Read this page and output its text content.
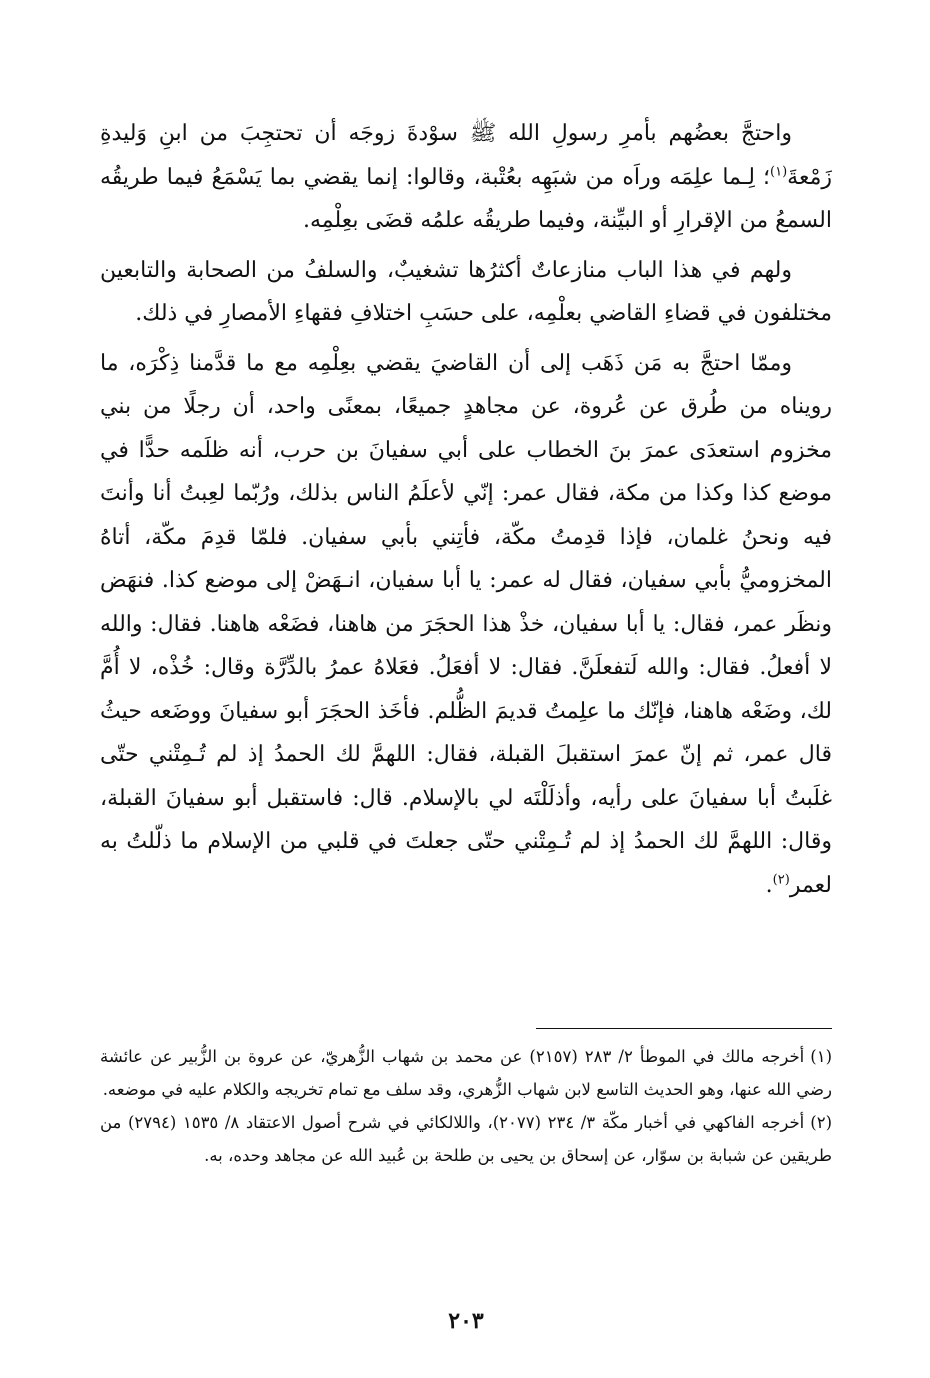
واحتجَّ بعضُهم بأمرِ رسولِ الله ﷺ سوْدةَ زوجَه أن تحتجِبَ من ابنِ وَليدةِ زَمْعةَ$^{(١)}$؛ لِـما علِمَه وراَه من شبَهِه بعُتْبة، وقالوا: إنما يقضي بما يَسْمَعُ فيما طريقُه السمعُ من الإقرارِ أو البيِّنة، وفيما طريقُه علمُه قضَى بعِلْمِه.

ولهم في هذا الباب منازعاتٌ أكثرُها تشغيبٌ، والسلفُ من الصحابة والتابعين مختلفون في قضاءِ القاضي بعلْمِه، على حسَبِ اختلافِ فقهاءِ الأمصارِ في ذلك.

وممّا احتجَّ به مَن ذَهَب إلى أن القاضيَ يقضي بعِلْمِه مع ما قدَّمنا ذِكْرَه، ما رويناه من طُرق عن عُروة، عن مجاهدٍ جميعًا، بمعنًى واحد، أن رجلًا من بني مخزوم استعدَى عمرَ بنَ الخطاب على أبي سفيانَ بن حرب، أنه ظلَمه حدًّا في موضع كذا وكذا من مكة، فقال عمر: إنّي لأعلَمُ الناس بذلك، ورُبّما لعِبتُ أنا وأنتَ فيه ونحنُ غلمان، فإذا قدِمتُ مكّة، فأتِني بأبي سفيان. فلمّا قدِمَ مكّة، أتاهُ المخزوميُّ بأبي سفيان، فقال له عمر: يا أبا سفيان، انـهَضْ إلى موضع كذا. فنهَض ونظَر عمر، فقال: يا أبا سفيان، خذْ هذا الحجَرَ من هاهنا، فضَعْه هاهنا. فقال: والله لا أفعلُ. فقال: والله لَتفعلَنَّ. فقال: لا أفعَلُ. فعَلاهُ عمرُ بالدِّرَّة وقال: خُذْه، لا أُمَّ لك، وضَعْه هاهنا، فإنّك ما علِمتُ قديمَ الظُّلم. فأخَذ الحجَرَ أبو سفيانَ ووضَعه حيثُ قال عمر، ثم إنّ عمرَ استقبلَ القبلة، فقال: اللهمَّ لك الحمدُ إذ لم تُـمِتْني حتّى غلَبتُ أبا سفيانَ على رأيه، وأذلَلْتَه لي بالإسلام. قال: فاستقبل أبو سفيانَ القبلة، وقال: اللهمَّ لك الحمدُ إذ لم تُـمِتْني حتّى جعلتَ في قلبي من الإسلام ما ذلّلتُ به لعمر$^{(٢)}$.

(١)أخرجه مالك في الموطأ ٢/ ٢٨٣ (٢١٥٧) عن محمد بن شهاب الزُّهريّ، عن عروة بن الزُّبير عن عائشة رضي الله عنها، وهو الحديث التاسع لابن شهاب الزُّهري، وقد سلف مع تمام تخريجه والكلام عليه في موضعه.

(٢)أخرجه الفاكهي في أخبار مكّة ٣/ ٢٣٤ (٢٠٧٧)، واللالكائي في شرح أصول الاعتقاد ٨/ ١٥٣٥ (٢٧٩٤) من طريقين عن شبابة بن سوّار، عن إسحاق بن يحيى بن طلحة بن عُبيد الله عن مجاهد وحده، به.

٢٠٣
